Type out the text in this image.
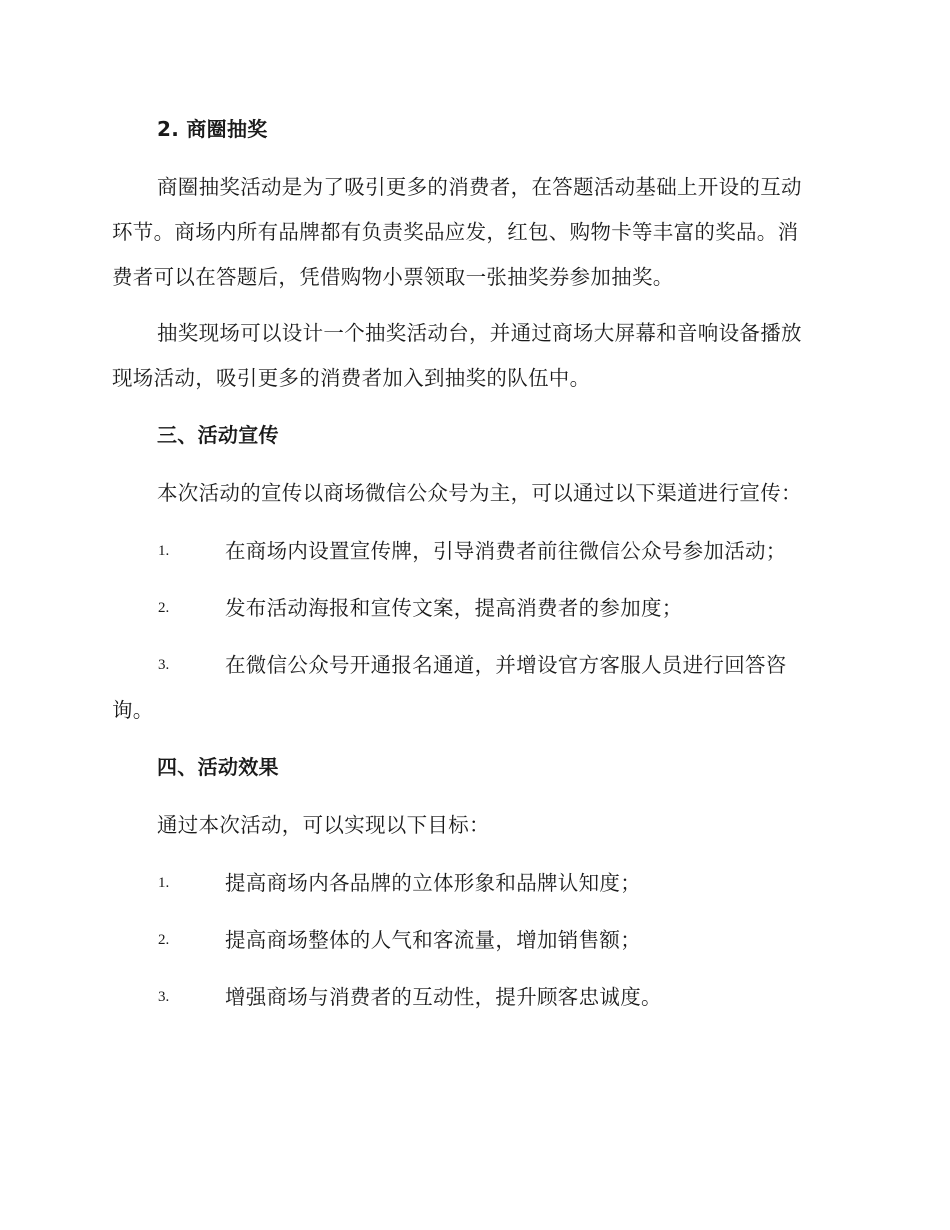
2. 商圈抽奖
商圈抽奖活动是为了吸引更多的消费者，在答题活动基础上开设的互动
环节。商场内所有品牌都有负责奖品应发，红包、购物卡等丰富的奖品。消
费者可以在答题后，凭借购物小票领取一张抽奖券参加抽奖。
抽奖现场可以设计一个抽奖活动台，并通过商场大屏幕和音响设备播放
现场活动，吸引更多的消费者加入到抽奖的队伍中。
三、活动宣传
本次活动的宣传以商场微信公众号为主，可以通过以下渠道进行宣传：
1.	在商场内设置宣传牌，引导消费者前往微信公众号参加活动；
2.	发布活动海报和宣传文案，提高消费者的参加度；
3.	在微信公众号开通报名通道，并增设官方客服人员进行回答咨
询。
四、活动效果
通过本次活动，可以实现以下目标：
1.	提高商场内各品牌的立体形象和品牌认知度；
2.	提高商场整体的人气和客流量，增加销售额；
3.	增强商场与消费者的互动性，提升顾客忠诚度。
